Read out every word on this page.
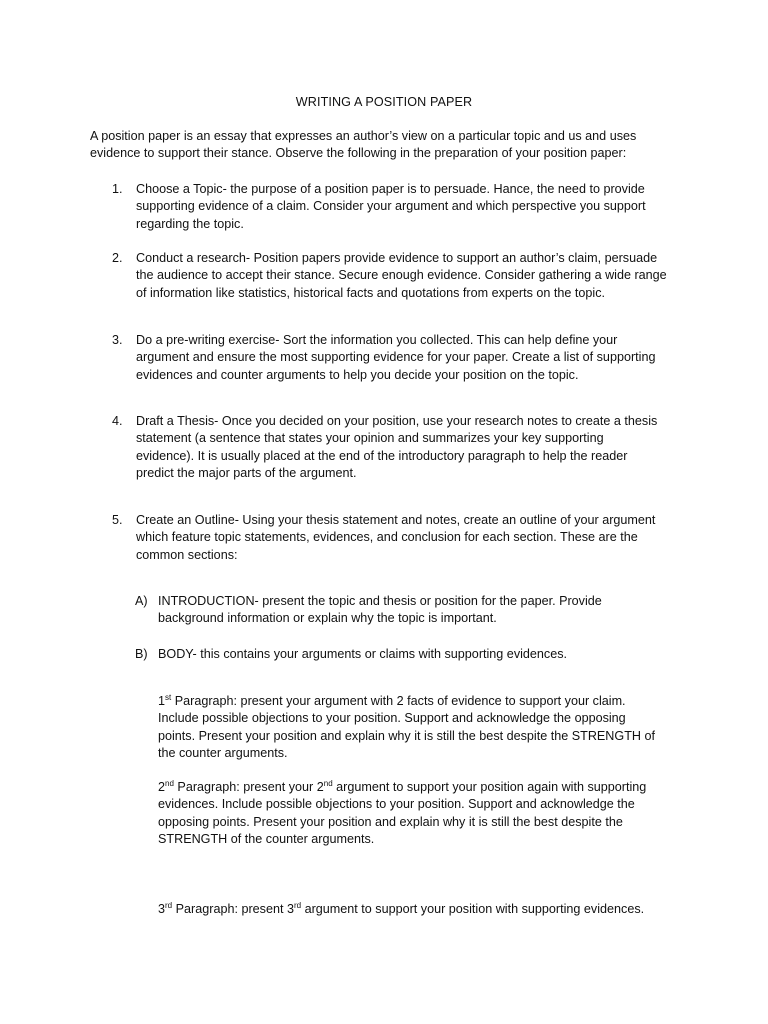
WRITING A POSITION PAPER
A position paper is an essay that expresses an author’s view on a particular topic and us and uses
evidence to support their stance. Observe the following in the preparation of your position paper:
1.	Choose a Topic- the purpose of a position paper is to persuade. Hance, the need to provide
supporting evidence of a claim. Consider your argument and which perspective you support
regarding the topic.
2.	Conduct a research- Position papers provide evidence to support an author’s claim, persuade
the audience to accept their stance. Secure enough evidence. Consider gathering a wide range
of information like statistics, historical facts and quotations from experts on the topic.
3.	Do a pre-writing exercise- Sort the information you collected. This can help define your
argument and ensure the most supporting evidence for your paper. Create a list of supporting
evidences and counter arguments to help you decide your position on the topic.
4.	Draft a Thesis- Once you decided on your position, use your research notes to create a thesis
statement (a sentence that states your opinion and summarizes your key supporting
evidence). It is usually placed at the end of the introductory paragraph to help the reader
predict the major parts of the argument.
5.	Create an Outline- Using your thesis statement and notes, create an outline of your argument
which feature topic statements, evidences, and conclusion for each section. These are the
common sections:
A) INTRODUCTION- present the topic and thesis or position for the paper. Provide
background information or explain why the topic is important.
B) BODY- this contains your arguments or claims with supporting evidences.
1st Paragraph: present your argument with 2 facts of evidence to support your claim.
Include possible objections to your position. Support and acknowledge the opposing
points. Present your position and explain why it is still the best despite the STRENGTH of
the counter arguments.
2nd Paragraph: present your 2nd argument to support your position again with supporting
evidences. Include possible objections to your position. Support and acknowledge the
opposing points. Present your position and explain why it is still the best despite the
STRENGTH of the counter arguments.
3rd Paragraph: present 3rd argument to support your position with supporting evidences.
